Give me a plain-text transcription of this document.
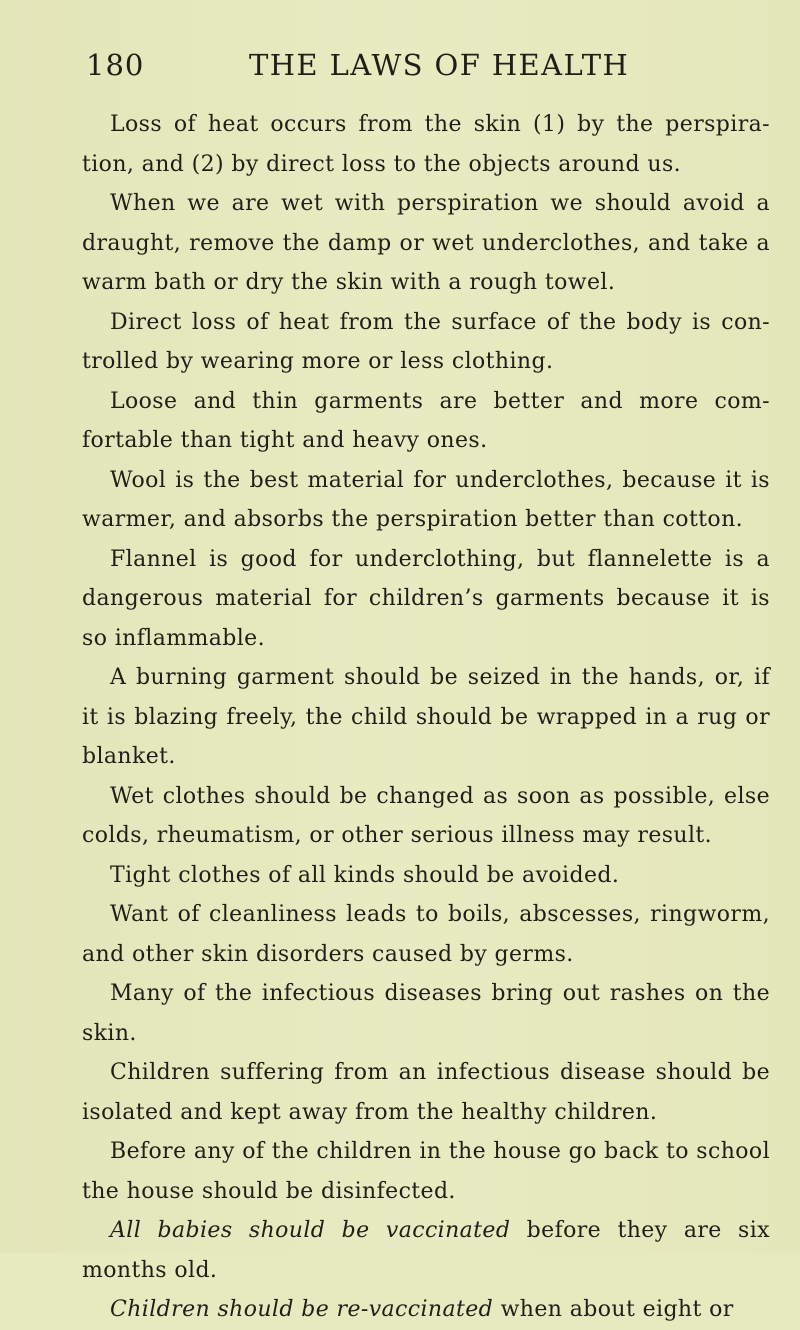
180	THE LAWS OF HEALTH

Loss of heat occurs from the skin (1) by the perspira-tion, and (2) by direct loss to the objects around us.

When we are wet with perspiration we should avoid a draught, remove the damp or wet underclothes, and take a warm bath or dry the skin with a rough towel.

Direct loss of heat from the surface of the body is con-trolled by wearing more or less clothing.

Loose and thin garments are better and more com-fortable than tight and heavy ones.

Wool is the best material for underclothes, because it is warmer, and absorbs the perspiration better than cotton.

Flannel is good for underclothing, but flannelette is a dangerous material for children’s garments because it is so inflammable.

A burning garment should be seized in the hands, or, if it is blazing freely, the child should be wrapped in a rug or blanket.

Wet clothes should be changed as soon as possible, else colds, rheumatism, or other serious illness may result.

Tight clothes of all kinds should be avoided.

Want of cleanliness leads to boils, abscesses, ringworm, and other skin disorders caused by germs.

Many of the infectious diseases bring out rashes on the skin.

Children suffering from an infectious disease should be isolated and kept away from the healthy children.

Before any of the children in the house go back to school the house should be disinfected.

All babies should be vaccinated before they are six months old.

Children should be re-vaccinated when about eight or
